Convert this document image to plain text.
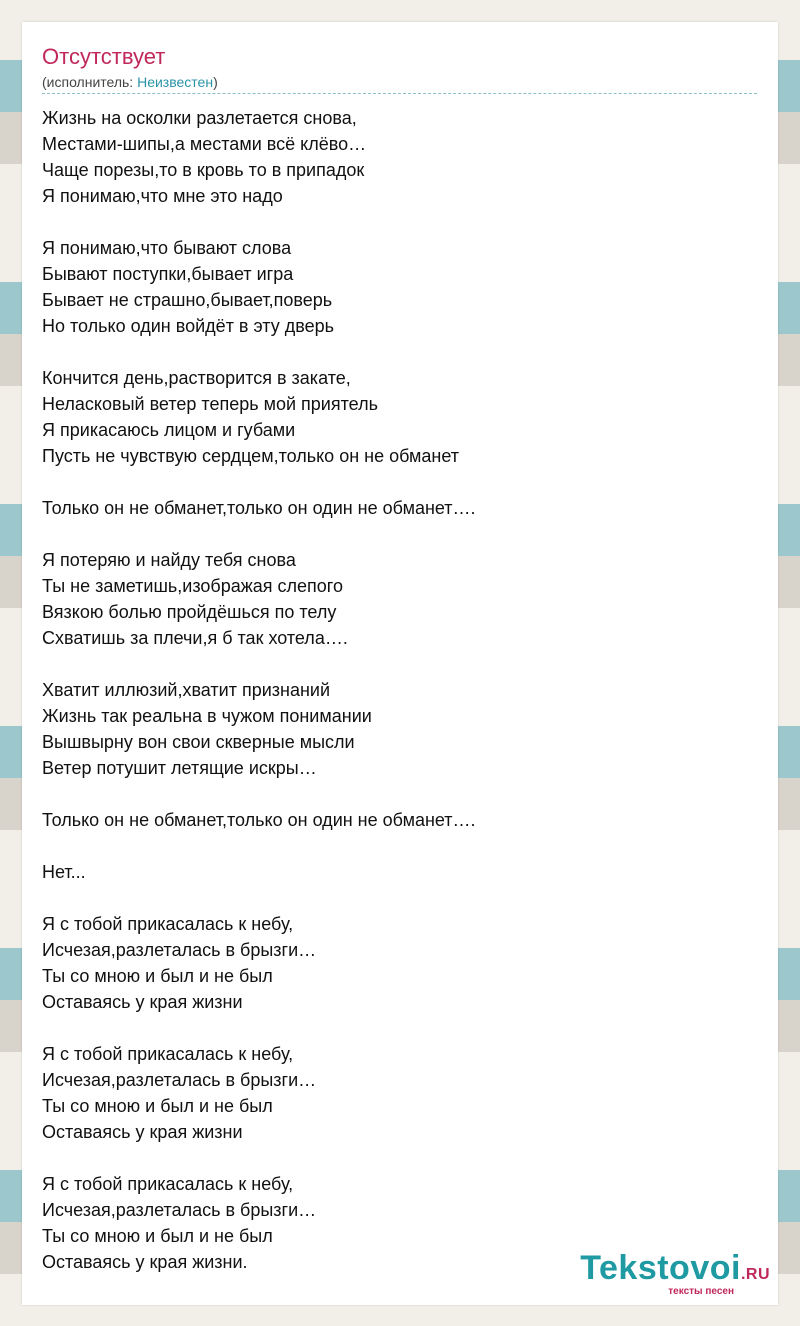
Отсутствует
(исполнитель: Неизвестен)
Жизнь на осколки разлетается снова,
Местами-шипы,а местами всё клёво…
Чаще порезы,то в кровь то в припадок
Я понимаю,что мне это надо
Я понимаю,что бывают слова
Бывают поступки,бывает игра
Бывает не страшно,бывает,поверь
Но только один войдёт в эту дверь
Кончится день,растворится в закате,
Неласковый ветер теперь мой приятель
Я прикасаюсь лицом и губами
Пусть не чувствую сердцем,только он не обманет
Только он не обманет,только он один не обманет….
Я потеряю и найду тебя снова
Ты не заметишь,изображая слепого
Вязкою болью пройдёшься по телу
Схватишь за плечи,я б так хотела….
Хватит иллюзий,хватит признаний
Жизнь так реальна в чужом понимании
Вышвырну вон свои скверные мысли
Ветер потушит летящие искры…
Только он не обманет,только он один не обманет….
Нет...
Я с тобой прикасалась к небу,
Исчезая,разлеталась в брызги…
Ты со мною и был и не был
Оставаясь у края жизни
Я с тобой прикасалась к небу,
Исчезая,разлеталась в брызги…
Ты со мною и был и не был
Оставаясь у края жизни
Я с тобой прикасалась к небу,
Исчезая,разлеталась в брызги…
Ты со мною и был и не был
Оставаясь у края жизни.	Tekstovoi.RU
тексты песен
